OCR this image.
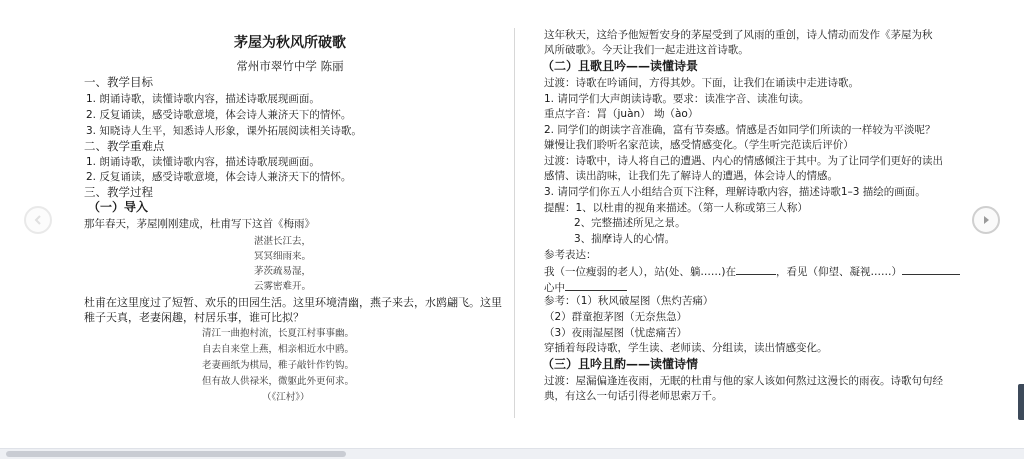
茅屋为秋风所破歌
常州市翠竹中学 陈丽
一、教学目标
1. 朗诵诗歌，读懂诗歌内容，描述诗歌展现画面。
2. 反复诵读，感受诗歌意境，体会诗人兼济天下的情怀。
3. 知晓诗人生平，知悉诗人形象，课外拓展阅读相关诗歌。
二、教学重难点
1. 朗诵诗歌，读懂诗歌内容，描述诗歌展现画面。
2. 反复诵读，感受诗歌意境，体会诗人兼济天下的情怀。
三、教学过程
（一）导入
那年春天，茅屋刚刚建成，杜甫写下这首《梅雨》
湛湛长江去，
冥冥细雨来。
茅茨疏易湿，
云雾密难开。
杜甫在这里度过了短暂、欢乐的田园生活。这里环境清幽，燕子来去，水鸥翩飞。这里
稚子天真，老妻闲趣，村居乐事，谁可比拟？
清江一曲抱村流，长夏江村事事幽。
自去自来堂上燕，相亲相近水中鸥。
老妻画纸为棋局，稚子敲针作钓钩。
但有故人供禄米，微躯此外更何求。
（《江村》）
这年秋天，这给予他短暂安身的茅屋受到了风雨的重创，诗人情动而发作《茅屋为秋
风所破歌》。今天让我们一起走进这首诗歌。
（二）且歌且吟——读懂诗景
过渡：诗歌在吟诵间，方得其妙。下面，让我们在诵读中走进诗歌。
1. 请同学们大声朗读诗歌。要求：读准字音、读准句读。
重点字音：罥（juàn） 坳（ào）
2. 同学们的朗读字音准确，富有节奏感。情感是否如同学们所读的一样较为平淡呢？
嫌慢让我们聆听名家范读，感受情感变化。（学生听完范读后评价）
过渡：诗歌中，诗人将自己的遭遇、内心的情感倾注于其中。为了让同学们更好的读出
感情、读出韵味，让我们先了解诗人的遭遇，体会诗人的情感。
3. 请同学们你五人小组结合页下注释，理解诗歌内容，描述诗歌1–3 描绘的画面。
提醒：1、以杜甫的视角来描述。（第一人称或第三人称）
2、完整描述所见之景。
3、揣摩诗人的心情。
参考表达：
我（一位瘦弱的老人），站(处、躺……)在	，看见（仰望、凝视……）
心中
参考：（1）秋风破屋图（焦灼苦痛）
（2）群童抱茅图（无奈焦急）
（3）夜雨湿屋图（忧虑痛苦）
穿插着每段诗歌，学生读、老师读、分组读，读出情感变化。
（三）且吟且酌——读懂诗情
过渡：屋漏偏逢连夜雨，无眠的杜甫与他的家人该如何熬过这漫长的雨夜。诗歌句句经
典，有这么一句话引得老师思索万千。
